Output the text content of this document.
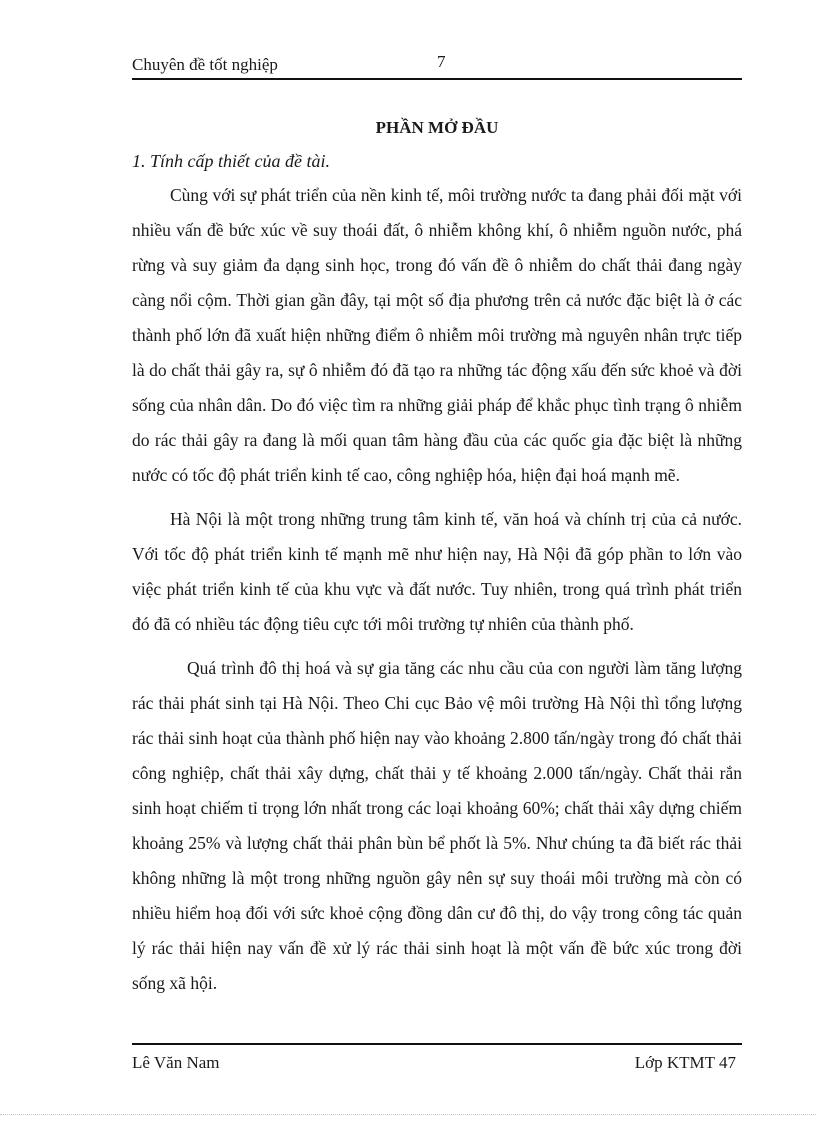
Chuyên đề tốt nghiệp	7
PHẦN MỞ ĐẦU
1. Tính cấp thiết của đề tài.

Cùng với sự phát triển của nền kinh tế, môi trường nước ta đang phải đối mặt với nhiều vấn đề bức xúc về suy thoái đất, ô nhiễm không khí, ô nhiễm nguồn nước, phá rừng và suy giảm đa dạng sinh học, trong đó vấn đề ô nhiễm do chất thải đang ngày càng nổi cộm. Thời gian gần đây, tại một số địa phương trên cả nước đặc biệt là ở các thành phố lớn đã xuất hiện những điểm ô nhiễm môi trường mà nguyên nhân trực tiếp là do chất thải gây ra, sự ô nhiễm đó đã tạo ra những tác động xấu đến sức khoẻ và đời sống của nhân dân. Do đó việc tìm ra những giải pháp để khắc phục tình trạng ô nhiễm do rác thải gây ra đang là mối quan tâm hàng đầu của các quốc gia đặc biệt là những nước có tốc độ phát triển kinh tế cao, công nghiệp hóa, hiện đại hoá mạnh mẽ.

Hà Nội là một trong những trung tâm kinh tế, văn hoá và chính trị của cả nước. Với tốc độ phát triển kinh tế mạnh mẽ như hiện nay, Hà Nội đã góp phần to lớn vào việc phát triển kinh tế của khu vực và đất nước. Tuy nhiên, trong quá trình phát triển đó đã có nhiều tác động tiêu cực tới môi trường tự nhiên của thành phố.

Quá trình đô thị hoá và sự gia tăng các nhu cầu của con người làm tăng lượng rác thải phát sinh tại Hà Nội. Theo Chi cục Bảo vệ môi trường Hà Nội thì tổng lượng rác thải sinh hoạt của thành phố hiện nay vào khoảng 2.800 tấn/ngày trong đó chất thải công nghiệp, chất thải xây dựng, chất thải y tế khoảng 2.000 tấn/ngày. Chất thải rắn sinh hoạt chiếm tỉ trọng lớn nhất trong các loại khoảng 60%; chất thải xây dựng chiếm khoảng 25% và lượng chất thải phân bùn bể phốt là 5%. Như chúng ta đã biết rác thải không những là một trong những nguồn gây nên sự suy thoái môi trường mà còn có nhiều hiểm hoạ đối với sức khoẻ cộng đồng dân cư đô thị, do vậy trong công tác quản lý rác thải hiện nay vấn đề xử lý rác thải sinh hoạt là một vấn đề bức xúc trong đời sống xã hội.

Lê Văn Nam	Lớp KTMT 47
